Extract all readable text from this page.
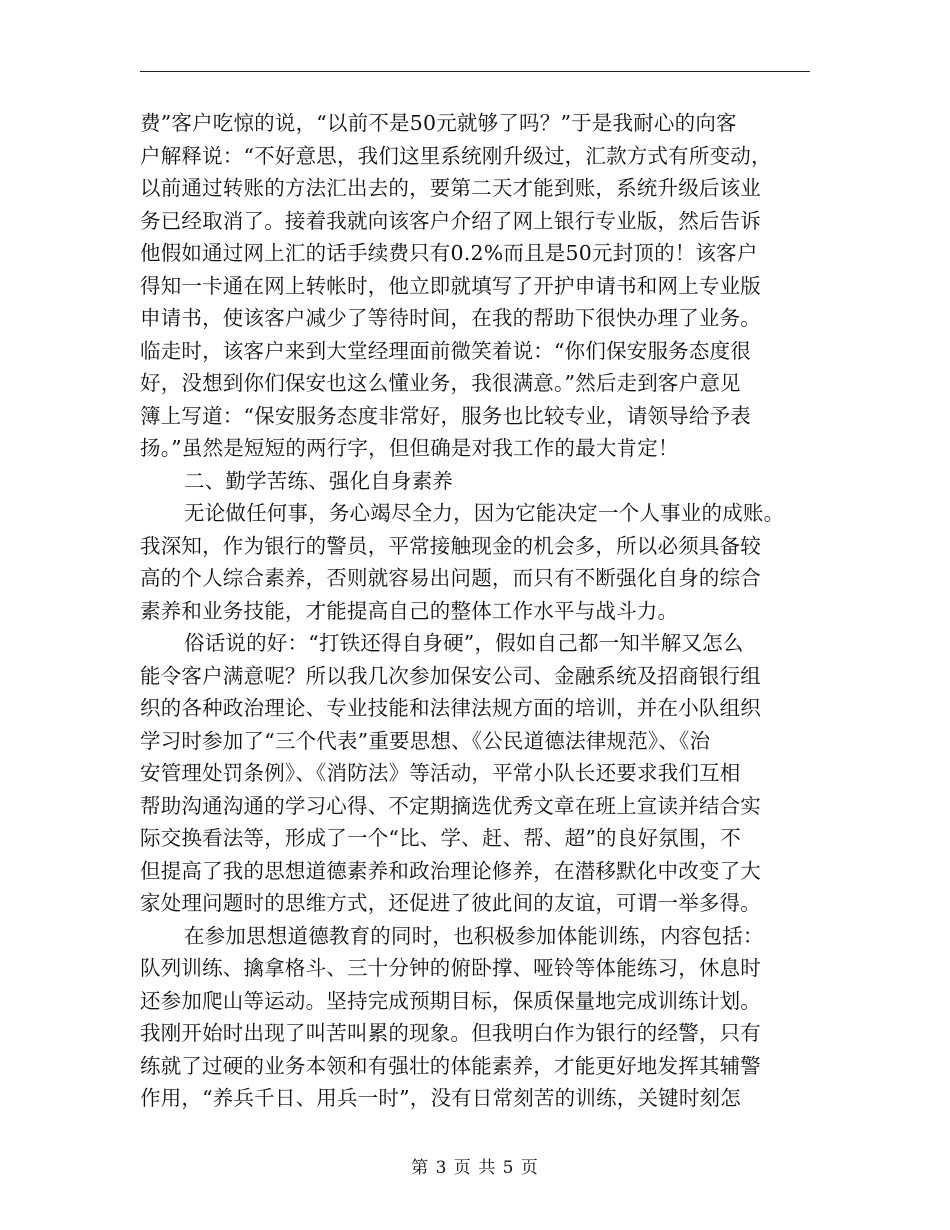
费”客户吃惊的说，“以前不是50元就够了吗？”于是我耐心的向客
户解释说：“不好意思，我们这里系统刚升级过，汇款方式有所变动，
以前通过转账的方法汇出去的，要第二天才能到账，系统升级后该业
务已经取消了。接着我就向该客户介绍了网上银行专业版，然后告诉
他假如通过网上汇的话手续费只有0.2%而且是50元封顶的！该客户
得知一卡通在网上转帐时，他立即就填写了开护申请书和网上专业版
申请书，使该客户减少了等待时间，在我的帮助下很快办理了业务。
临走时，该客户来到大堂经理面前微笑着说：“你们保安服务态度很
好，没想到你们保安也这么懂业务，我很满意。”然后走到客户意见
簿上写道：“保安服务态度非常好，服务也比较专业，请领导给予表
扬。”虽然是短短的两行字，但但确是对我工作的最大肯定！
二、勤学苦练、强化自身素养
无论做任何事，务心竭尽全力，因为它能决定一个人事业的成账。
我深知，作为银行的警员，平常接触现金的机会多，所以必须具备较
高的个人综合素养，否则就容易出问题，而只有不断强化自身的综合
素养和业务技能，才能提高自己的整体工作水平与战斗力。
俗话说的好：“打铁还得自身硬”，假如自己都一知半解又怎么
能令客户满意呢？所以我几次参加保安公司、金融系统及招商银行组
织的各种政治理论、专业技能和法律法规方面的培训，并在小队组织
学习时参加了“三个代表”重要思想、《公民道德法律规范》、《治
安管理处罚条例》、《消防法》等活动，平常小队长还要求我们互相
帮助沟通沟通的学习心得、不定期摘选优秀文章在班上宣读并结合实
际交换看法等，形成了一个“比、学、赶、帮、超”的良好氛围，不
但提高了我的思想道德素养和政治理论修养，在潜移默化中改变了大
家处理问题时的思维方式，还促进了彼此间的友谊，可谓一举多得。
在参加思想道德教育的同时，也积极参加体能训练，内容包括：
队列训练、擒拿格斗、三十分钟的俯卧撑、哑铃等体能练习，休息时
还参加爬山等运动。坚持完成预期目标，保质保量地完成训练计划。
我刚开始时出现了叫苦叫累的现象。但我明白作为银行的经警，只有
练就了过硬的业务本领和有强壮的体能素养，才能更好地发挥其辅警
作用，“养兵千日、用兵一时”，没有日常刻苦的训练，关键时刻怎
第 3 页 共 5 页
